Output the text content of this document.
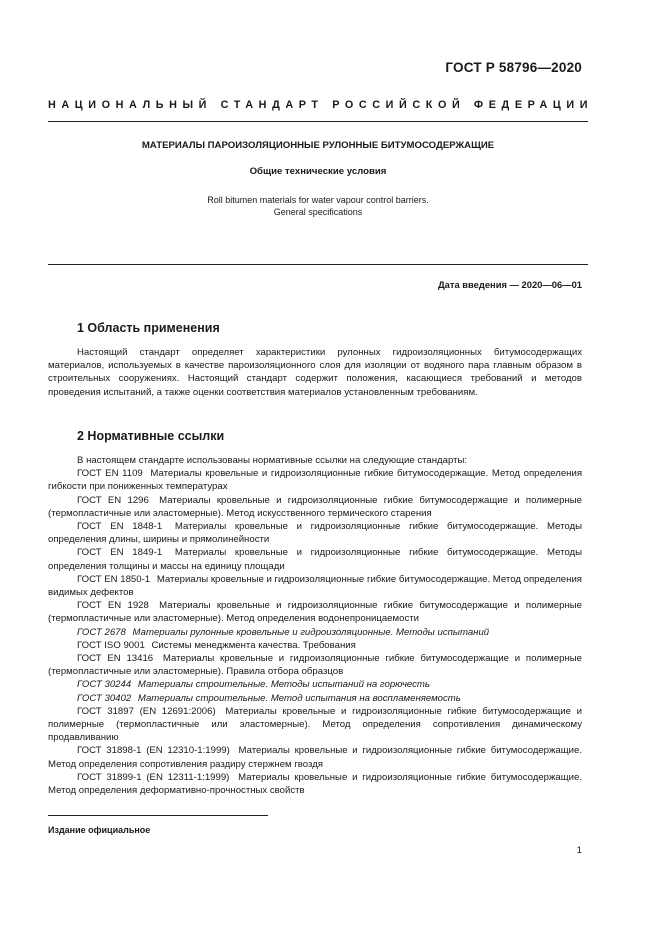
ГОСТ Р 58796—2020
НАЦИОНАЛЬНЫЙ СТАНДАРТ РОССИЙСКОЙ ФЕДЕРАЦИИ
МАТЕРИАЛЫ ПАРОИЗОЛЯЦИОННЫЕ РУЛОННЫЕ БИТУМОСОДЕРЖАЩИЕ
Общие технические условия
Roll bitumen materials for water vapour control barriers.
General specifications
Дата введения — 2020—06—01
1 Область применения

Настоящий стандарт определяет характеристики рулонных гидроизоляционных битумосодержащих материалов, используемых в качестве пароизоляционного слоя для изоляции от водяного пара главным образом в строительных сооружениях. Настоящий стандарт содержит положения, касающиеся требований и методов проведения испытаний, а также оценки соответствия материалов установленным требованиям.

2 Нормативные ссылки

В настоящем стандарте использованы нормативные ссылки на следующие стандарты:

ГОСТ EN 1109 Материалы кровельные и гидроизоляционные гибкие битумосодержащие. Метод определения гибкости при пониженных температурах

ГОСТ EN 1296 Материалы кровельные и гидроизоляционные гибкие битумосодержащие и полимерные (термопластичные или эластомерные). Метод искусственного термического старения

ГОСТ EN 1848-1 Материалы кровельные и гидроизоляционные гибкие битумосодержащие. Методы определения длины, ширины и прямолинейности

ГОСТ EN 1849-1 Материалы кровельные и гидроизоляционные гибкие битумосодержащие. Методы определения толщины и массы на единицу площади

ГОСТ EN 1850-1 Материалы кровельные и гидроизоляционные гибкие битумосодержащие. Метод определения видимых дефектов

ГОСТ EN 1928 Материалы кровельные и гидроизоляционные гибкие битумосодержащие и полимерные (термопластичные или эластомерные). Метод определения водонепроницаемости

ГОСТ 2678 Материалы рулонные кровельные и гидроизоляционные. Методы испытаний

ГОСТ ISO 9001 Системы менеджмента качества. Требования

ГОСТ EN 13416 Материалы кровельные и гидроизоляционные гибкие битумосодержащие и полимерные (термопластичные или эластомерные). Правила отбора образцов

ГОСТ 30244 Материалы строительные. Методы испытаний на горючесть

ГОСТ 30402 Материалы строительные. Метод испытания на воспламеняемость

ГОСТ 31897 (EN 12691:2006) Материалы кровельные и гидроизоляционные гибкие битумосодержащие и полимерные (термопластичные или эластомерные). Метод определения сопротивления динамическому продавливанию

ГОСТ 31898-1 (EN 12310-1:1999) Материалы кровельные и гидроизоляционные гибкие битумосодержащие. Метод определения сопротивления раздиру стержнем гвоздя

ГОСТ 31899-1 (EN 12311-1:1999) Материалы кровельные и гидроизоляционные гибкие битумосодержащие. Метод определения деформативно-прочностных свойств

Издание официальное
1
